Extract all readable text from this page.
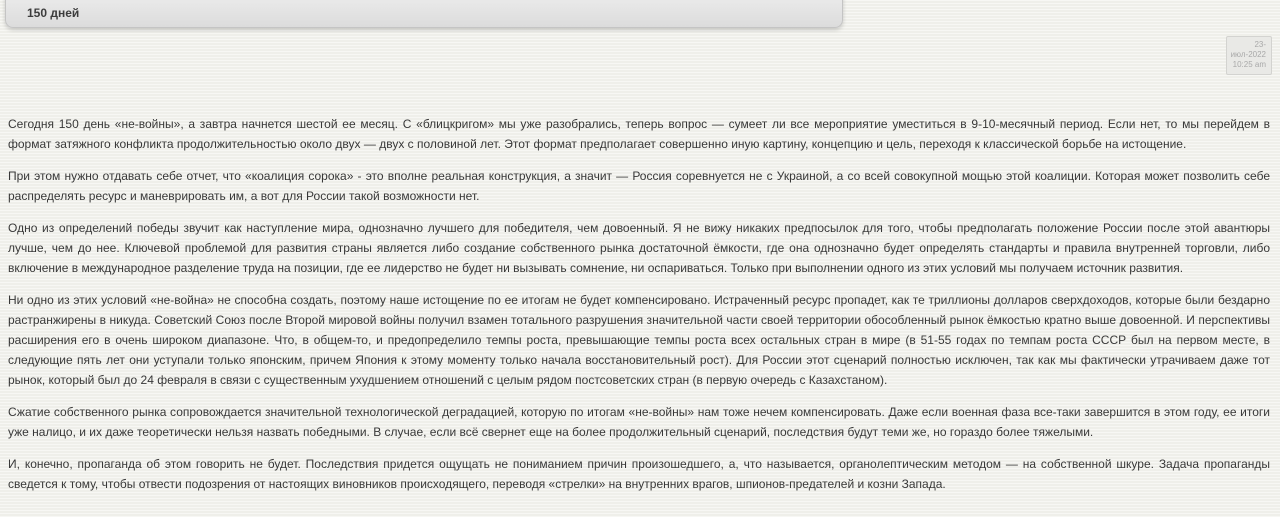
150 дней
23-
июл-2022
10:25 am

Сегодня 150 день «не-войны», а завтра начнется шестой ее месяц. С «блицкригом» мы уже разобрались, теперь вопрос — сумеет ли все мероприятие уместиться в 9-10-месячный период. Если нет, то мы перейдем в формат затяжного конфликта продолжительностью около двух — двух с половиной лет. Этот формат предполагает совершенно иную картину, концепцию и цель, переходя к классической борьбе на истощение.

При этом нужно отдавать себе отчет, что «коалиция сорока» - это вполне реальная конструкция, а значит — Россия соревнуется не с Украиной, а со всей совокупной мощью этой коалиции. Которая может позволить себе распределять ресурс и маневрировать им, а вот для России такой возможности нет.

Одно из определений победы звучит как наступление мира, однозначно лучшего для победителя, чем довоенный. Я не вижу никаких предпосылок для того, чтобы предполагать положение России после этой авантюры лучше, чем до нее. Ключевой проблемой для развития страны является либо создание собственного рынка достаточной ёмкости, где она однозначно будет определять стандарты и правила внутренней торговли, либо включение в международное разделение труда на позиции, где ее лидерство не будет ни вызывать сомнение, ни оспариваться. Только при выполнении одного из этих условий мы получаем источник развития.

Ни одно из этих условий «не-война» не способна создать, поэтому наше истощение по ее итогам не будет компенсировано. Истраченный ресурс пропадет, как те триллионы долларов сверхдоходов, которые были бездарно растранжирены в никуда. Советский Союз после Второй мировой войны получил взамен тотального разрушения значительной части своей территории обособленный рынок ёмкостью кратно выше довоенной. И перспективы расширения его в очень широком диапазоне. Что, в общем-то, и предопределило темпы роста, превышающие темпы роста всех остальных стран в мире (в 51-55 годах по темпам роста СССР был на первом месте, в следующие пять лет они уступали только японским, причем Япония к этому моменту только начала восстановительный рост). Для России этот сценарий полностью исключен, так как мы фактически утрачиваем даже тот рынок, который был до 24 февраля в связи с существенным ухудшением отношений с целым рядом постсоветских стран (в первую очередь с Казахстаном).

Сжатие собственного рынка сопровождается значительной технологической деградацией, которую по итогам «не-войны» нам тоже нечем компенсировать. Даже если военная фаза все-таки завершится в этом году, ее итоги уже налицо, и их даже теоретически нельзя назвать победными. В случае, если всё свернет еще на более продолжительный сценарий, последствия будут теми же, но гораздо более тяжелыми.

И, конечно, пропаганда об этом говорить не будет. Последствия придется ощущать не пониманием причин произошедшего, а, что называется, органолептическим методом — на собственной шкуре. Задача пропаганды сведется к тому, чтобы отвести подозрения от настоящих виновников происходящего, переводя «стрелки» на внутренних врагов, шпионов-предателей и козни Запада.
